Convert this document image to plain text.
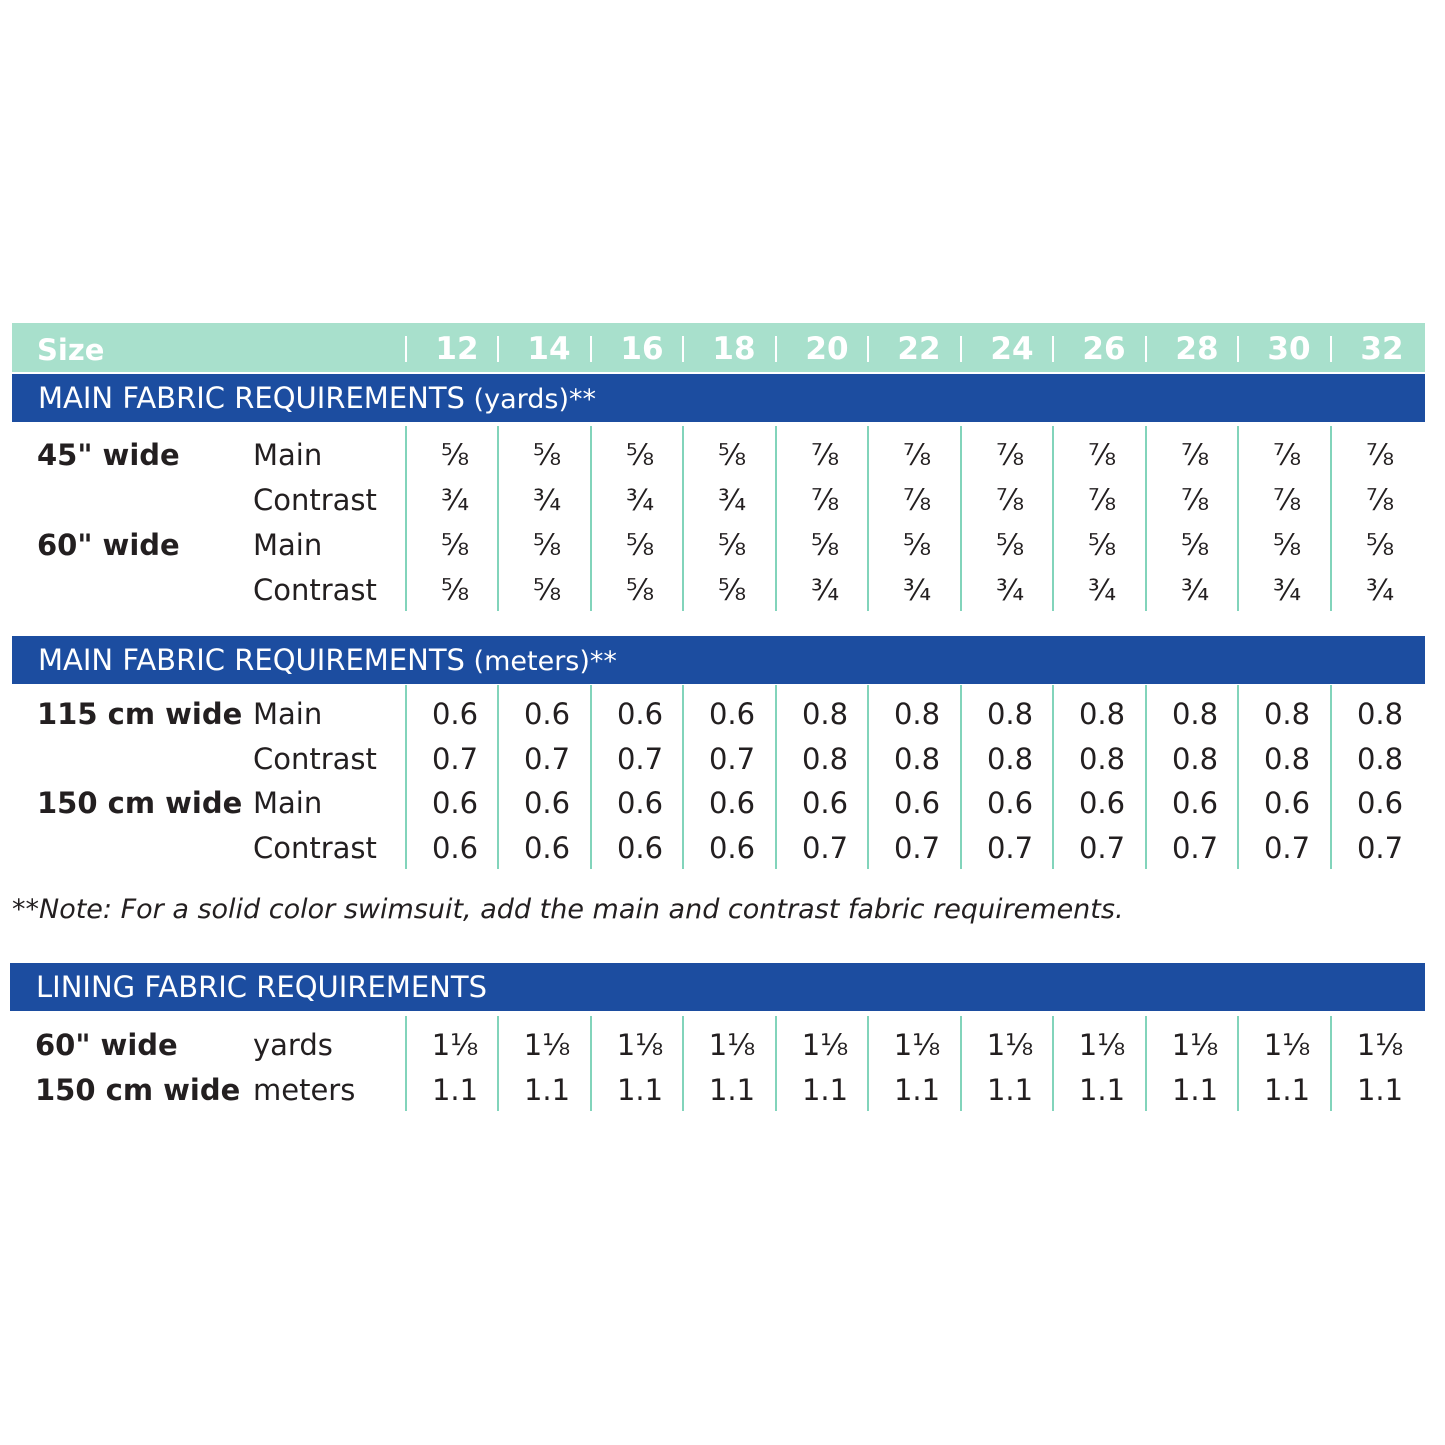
Size	12	14	16	18	20	22	24	26	28	30	32
MAIN FABRIC REQUIREMENTS (yards)**
45" wide	Main	⅝	⅝	⅝	⅝	⅞	⅞	⅞	⅞	⅞	⅞	⅞
Contrast	¾	¾	¾	¾	⅞	⅞	⅞	⅞	⅞	⅞	⅞
60" wide	Main	⅝	⅝	⅝	⅝	⅝	⅝	⅝	⅝	⅝	⅝	⅝
Contrast	⅝	⅝	⅝	⅝	¾	¾	¾	¾	¾	¾	¾
MAIN FABRIC REQUIREMENTS (meters)**
115 cm wide Main	0.6	0.6	0.6	0.6	0.8	0.8	0.8	0.8	0.8	0.8	0.8
Contrast	0.7	0.7	0.7	0.7	0.8	0.8	0.8	0.8	0.8	0.8	0.8
150 cm wide Main	0.6	0.6	0.6	0.6	0.6	0.6	0.6	0.6	0.6	0.6	0.6
Contrast	0.6	0.6	0.6	0.6	0.7	0.7	0.7	0.7	0.7	0.7	0.7
**Note: For a solid color swimsuit, add the main and contrast fabric requirements.
LINING FABRIC REQUIREMENTS
60" wide	yards	1⅛	1⅛	1⅛	1⅛	1⅛	1⅛	1⅛	1⅛	1⅛	1⅛	1⅛
150 cm wide meters	1.1	1.1	1.1	1.1	1.1	1.1	1.1	1.1	1.1	1.1	1.1
